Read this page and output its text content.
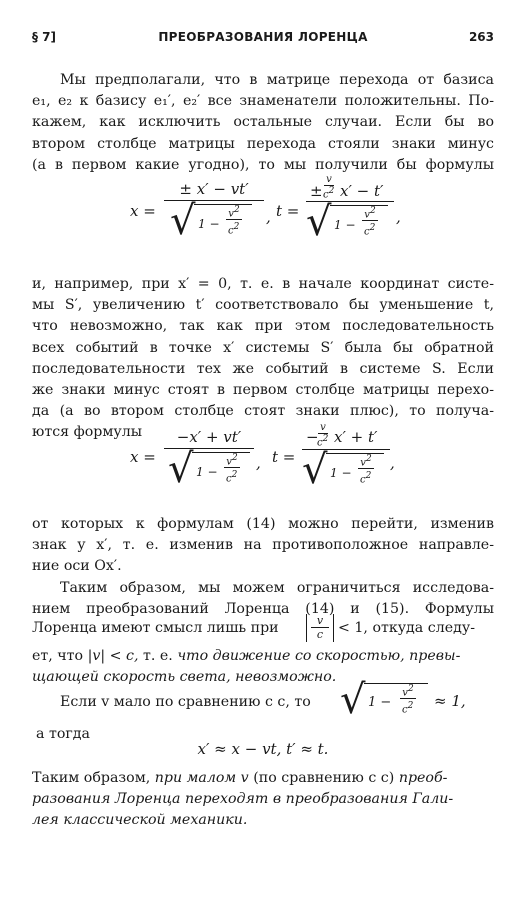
§ 7]	ПРЕОБРАЗОВАНИЯ ЛОРЕНЦА	263

Мы предполагали, что в матрице перехода от базиса
e₁, e₂ к базису e₁′, e₂′ все знаменатели положительны. По-
кажем, как исключить остальные случаи. Если бы во
втором столбце матрицы перехода стояли знаки минус
(а в первом какие угодно), то мы получили бы формулы

x = ± x′ − vt′
√ 1 −
$v^2$
$c^2$ , t = ±
v
$c^2$ x′ − t′
√ 1 −
$v^2$
$c^2$ ,

и, например, при x′ = 0, т. е. в начале координат систе-
мы S′, увеличению t′ соответствовало бы уменьшение t,
что невозможно, так как при этом последовательность
всех событий в точке x′ системы S′ была бы обратной
последовательности тех же событий в системе S. Если
же знаки минус стоят в первом столбце матрицы перехо-
да (а во втором столбце стоят знаки плюс), то получа-
ются формулы

x = −x′ + vt′
√ 1 −
$v^2$
$c^2$ , t = −
v
$c^2$ x′ + t′
√ 1 −
$v^2$
$c^2$ ,

от которых к формулам (14) можно перейти, изменив
знак у x′, т. е. изменив на противоположное направле-
ние оси Ox′.

Таким образом, мы можем ограничиться исследова-
нием преобразований Лоренца (14) и (15). Формулы

Лоренца имеют смысл лишь при	v
c	< 1, откуда следу-
ет, что |v| < c, т. е. что движение со скоростью, превы-
щающей скорость света, невозможно.
Если v мало по сравнению с c, то √ 1 −
$v^2$
$c^2 \approx 1$,
а тогда
x′ ≈ x − vt, t′ ≈ t.
Таким образом, при малом v (по сравнению с c) преоб-
разования Лоренца переходят в преобразования Гали-
лея классической механики.
